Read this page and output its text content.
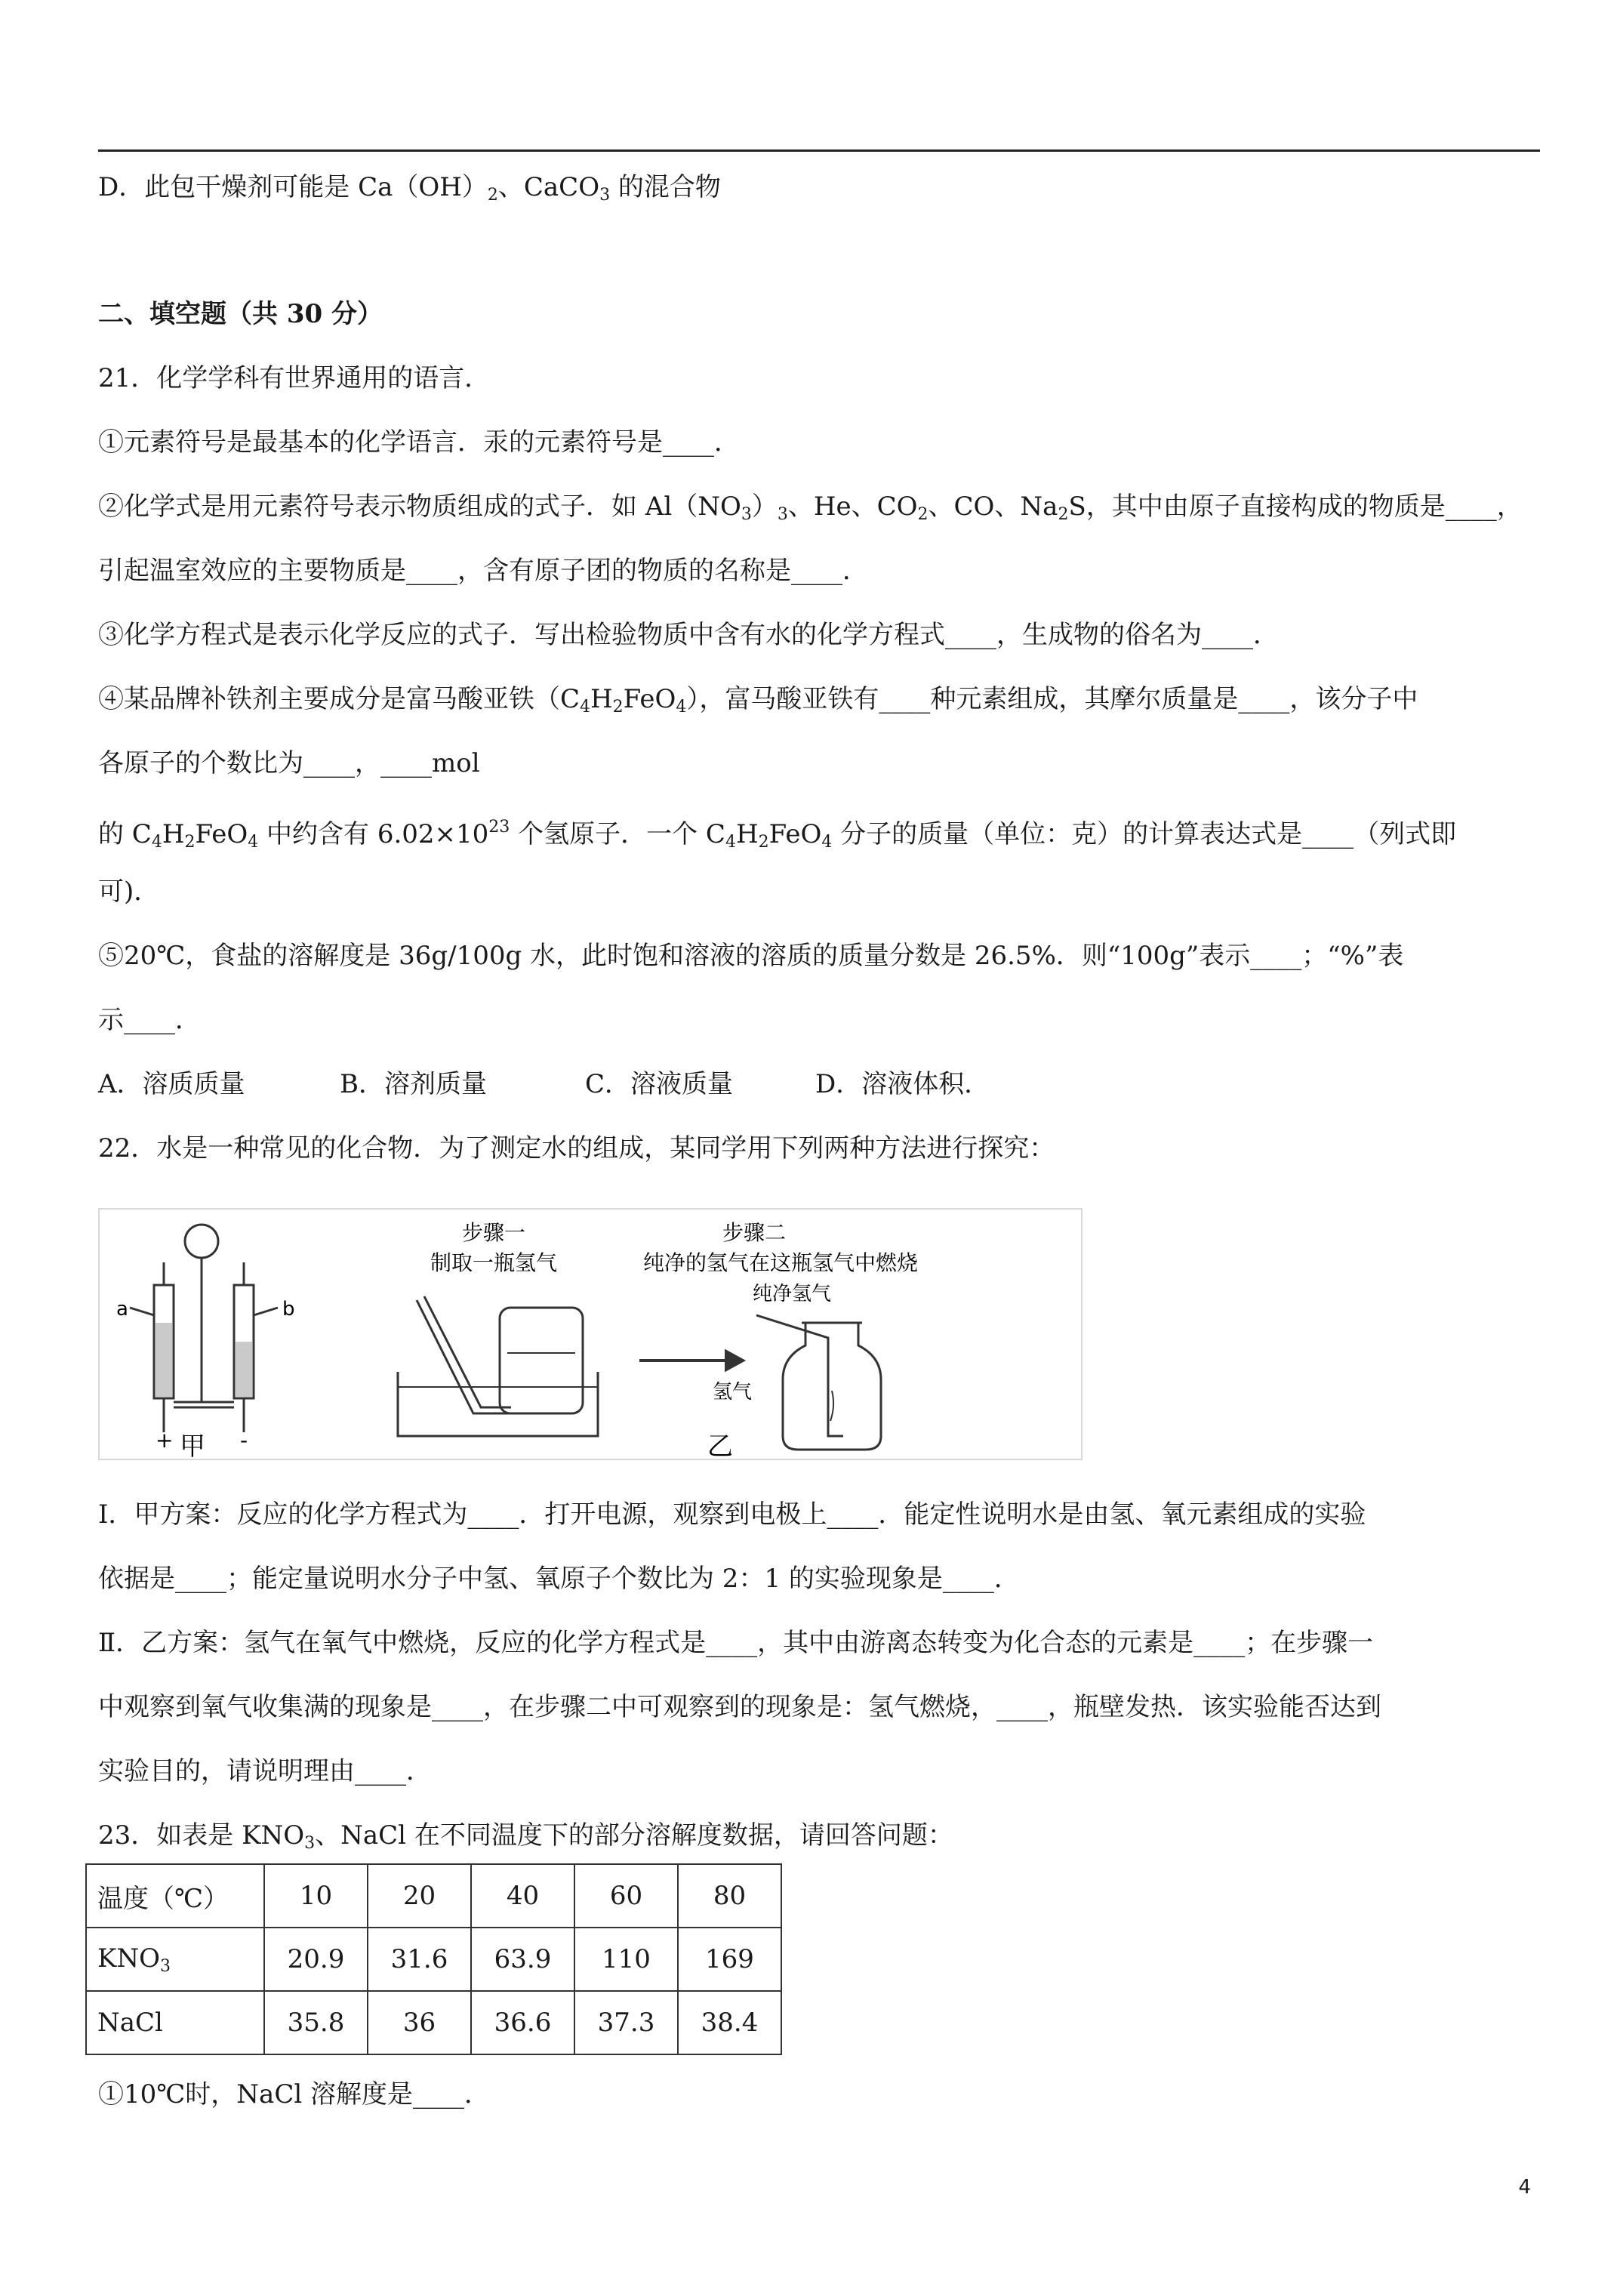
D．此包干燥剂可能是 $Ca(OH)_2$、CaCO$_3$ 的混合物
二、填空题（共 30 分）
21．化学学科有世界通用的语言．
①元素符号是最基本的化学语言．汞的元素符号是____．
②化学式是用元素符号表示物质组成的式子．如 $Al(NO_3)_3$、He、$CO_2$、CO、$Na_2S$，其中由原子直接构成的物质是____，
引起温室效应的主要物质是____，含有原子团的物质的名称是____．
③化学方程式是表示化学反应的式子．写出检验物质中含有水的化学方程式____，生成物的俗名为____．
④某品牌补铁剂主要成分是富马酸亚铁$(C_4H_2FeO_4)$，富马酸亚铁有____种元素组成，其摩尔质量是____，该分子中
各原子的个数比为____，____mol
的 $C_4H_2FeO_4$ 中约含有 $6.02\times 10^{23}$ 个氢原子．一个 $C_4H_2FeO_4$ 分子的质量（单位：克）的计算表达式是____（列式即
可)．
⑤20℃，食盐的溶解度是 36g/100g 水，此时饱和溶液的溶质的质量分数是 26.5%．则“100g”表示____；“%”表
示____．
A．溶质质量	B．溶剂质量	C．溶液质量	D．溶液体积．
22．水是一种常见的化合物．为了测定水的组成，某同学用下列两种方法进行探究：
a	b
+	-
甲
步骤一
制取一瓶氢气
步骤二
纯净的氢气在这瓶氢气中燃烧
纯净氢气
氢气
乙
Ⅰ．甲方案：反应的化学方程式为____．打开电源，观察到电极上____．能定性说明水是由氢、氧元素组成的实验
依据是____；能定量说明水分子中氢、氧原子个数比为 2：1 的实验现象是____．
Ⅱ．乙方案：氢气在氧气中燃烧，反应的化学方程式是____，其中由游离态转变为化合态的元素是____；在步骤一
中观察到氧气收集满的现象是____，在步骤二中可观察到的现象是：氢气燃烧，____，瓶壁发热．该实验能否达到
实验目的，请说明理由____．
23．如表是 $KNO_3$、NaCl 在不同温度下的部分溶解度数据，请回答问题：
温度（℃）	10	20	40	60	80
$KNO_3$	20.9	31.6	63.9	110	169
NaCl	35.8	36	36.6	37.3	38.4
①10℃时，NaCl 溶解度是____．
4
